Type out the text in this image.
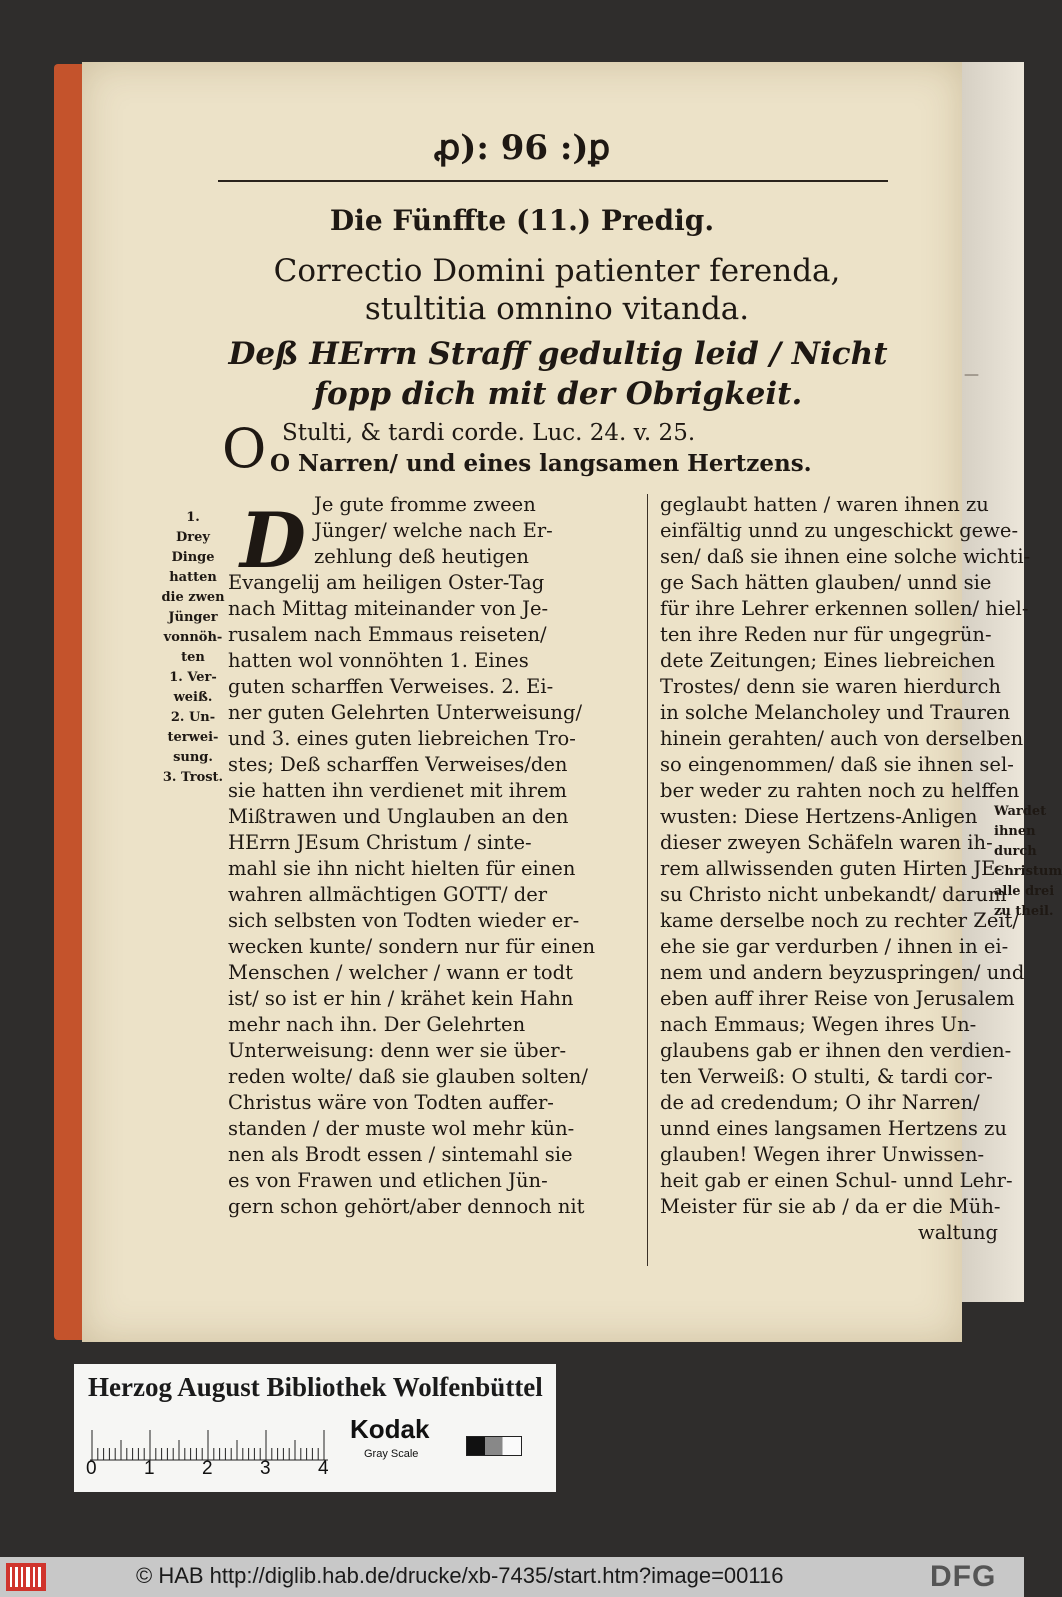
—
ꝓ): 96 :)ꝑ
Die Fünffte (11.) Predig.
Correctio Domini patienter ferenda, stultitia omnino vitanda.
Deß HErrn Straff gedultig leid / Nicht fopp dich mit der Obrigkeit.
O Stulti, & tardi corde. Luc. 24. v. 25.
O Narren/ und eines langsamen Hertzens.
1.
Drey
Dinge
hatten
die zwen
Jünger
vonnöh-
ten
1. Ver-
weiß.
2. Un-
terwei-
sung.
3. Trost.
Wardet
ihnen
durch
Christum
alle drei
zu theil.
D Je gute fromme zween
Jünger/ welche nach Er-
zehlung deß heutigen
Evangelij am heiligen Oster-Tag
nach Mittag miteinander von Je-
rusalem nach Emmaus reiseten/
hatten wol vonnöhten 1. Eines
guten scharffen Verweises. 2. Ei-
ner guten Gelehrten Unterweisung/
und 3. eines guten liebreichen Tro-
stes; Deß scharffen Verweises/den
sie hatten ihn verdienet mit ihrem
Mißtrawen und Unglauben an den
HErrn JEsum Christum / sinte-
mahl sie ihn nicht hielten für einen
wahren allmächtigen GOTT/ der
sich selbsten von Todten wieder er-
wecken kunte/ sondern nur für einen
Menschen / welcher / wann er todt
ist/ so ist er hin / krähet kein Hahn
mehr nach ihn. Der Gelehrten
Unterweisung: denn wer sie über-
reden wolte/ daß sie glauben solten/
Christus wäre von Todten auffer-
standen / der muste wol mehr kün-
nen als Brodt essen / sintemahl sie
es von Frawen und etlichen Jün-
gern schon gehört/aber dennoch nit
geglaubt hatten / waren ihnen zu
einfältig unnd zu ungeschickt gewe-
sen/ daß sie ihnen eine solche wichti-
ge Sach hätten glauben/ unnd sie
für ihre Lehrer erkennen sollen/ hiel-
ten ihre Reden nur für ungegrün-
dete Zeitungen; Eines liebreichen
Trostes/ denn sie waren hierdurch
in solche Melancholey und Trauren
hinein gerahten/ auch von derselben
so eingenommen/ daß sie ihnen sel-
ber weder zu rahten noch zu helffen
wusten: Diese Hertzens-Anligen
dieser zweyen Schäfeln waren ih-
rem allwissenden guten Hirten JE-
su Christo nicht unbekandt/ darum
kame derselbe noch zu rechter Zeit/
ehe sie gar verdurben / ihnen in ei-
nem und andern beyzuspringen/ und
eben auff ihrer Reise von Jerusalem
nach Emmaus; Wegen ihres Un-
glaubens gab er ihnen den verdien-
ten Verweiß: O stulti, & tardi cor-
de ad credendum; O ihr Narren/
unnd eines langsamen Hertzens zu
glauben! Wegen ihrer Unwissen-
heit gab er einen Schul- unnd Lehr-
Meister für sie ab / da er die Müh-
waltung
Herzog August Bibliothek Wolfenbüttel
0 1 2 3 4
Kodak
Gray Scale
© HAB http://diglib.hab.de/drucke/xb-7435/start.htm?image=00116	DFG
